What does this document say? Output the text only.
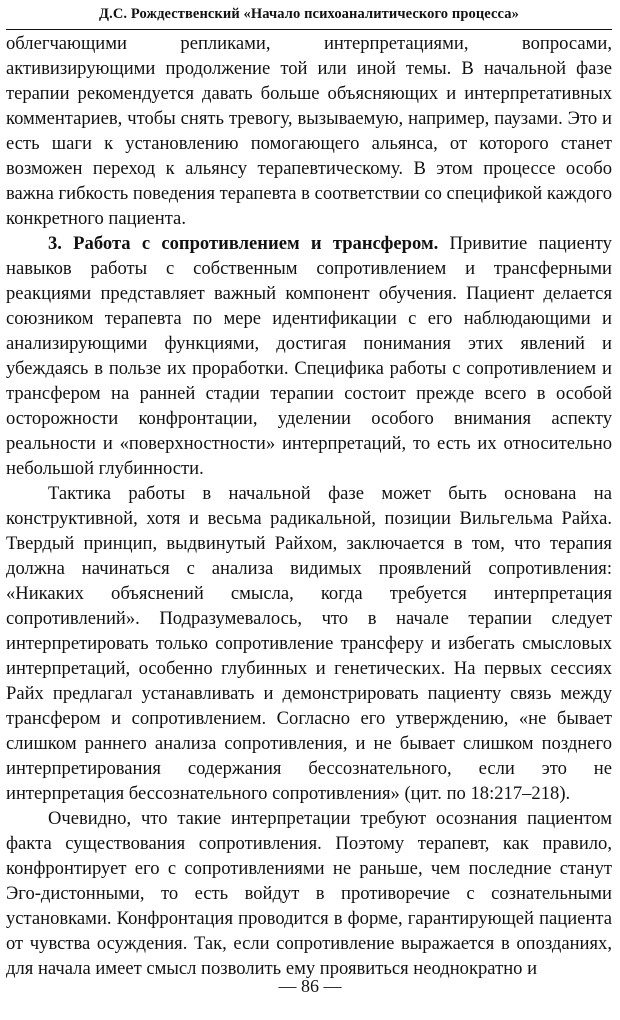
Д.С. Рождественский «Начало психоаналитического процесса»

облегчающими репликами, интерпретациями, вопросами, активизирующими продолжение той или иной темы. В начальной фазе терапии рекомендуется давать больше объясняющих и интерпретативных комментариев, чтобы снять тревогу, вызываемую, например, паузами. Это и есть шаги к установлению помогающего альянса, от которого станет возможен переход к альянсу терапевтическому. В этом процессе особо важна гибкость поведения терапевта в соответствии со спецификой каждого конкретного пациента.

3. Работа с сопротивлением и трансфером. Привитие пациенту навыков работы с собственным сопротивлением и трансферными реакциями представляет важный компонент обучения. Пациент делается союзником терапевта по мере идентификации с его наблюдающими и анализирующими функциями, достигая понимания этих явлений и убеждаясь в пользе их проработки. Специфика работы с сопротивлением и трансфером на ранней стадии терапии состоит прежде всего в особой осторожности конфронтации, уделении особого внимания аспекту реальности и «поверхностности» интерпретаций, то есть их относительно небольшой глубинности.

Тактика работы в начальной фазе может быть основана на конструктивной, хотя и весьма радикальной, позиции Вильгельма Райха. Твердый принцип, выдвинутый Райхом, заключается в том, что терапия должна начинаться с анализа видимых проявлений сопротивления: «Никаких объяснений смысла, когда требуется интерпретация сопротивлений». Подразумевалось, что в начале терапии следует интерпретировать только сопротивление трансферу и избегать смысловых интерпретаций, особенно глубинных и генетических. На первых сессиях Райх предлагал устанавливать и демонстрировать пациенту связь между трансфером и сопротивлением. Согласно его утверждению, «не бывает слишком раннего анализа сопротивления, и не бывает слишком позднего интерпретирования содержания бессознательного, если это не интерпретация бессознательного сопротивления» (цит. по 18:217–218).

Очевидно, что такие интерпретации требуют осознания пациентом факта существования сопротивления. Поэтому терапевт, как правило, конфронтирует его с сопротивлениями не раньше, чем последние станут Эго-дистонными, то есть войдут в противоречие с сознательными установками. Конфронтация проводится в форме, гарантирующей пациента от чувства осуждения. Так, если сопротивление выражается в опозданиях, для начала имеет смысл позволить ему проявиться неоднократно и

— 86 —
